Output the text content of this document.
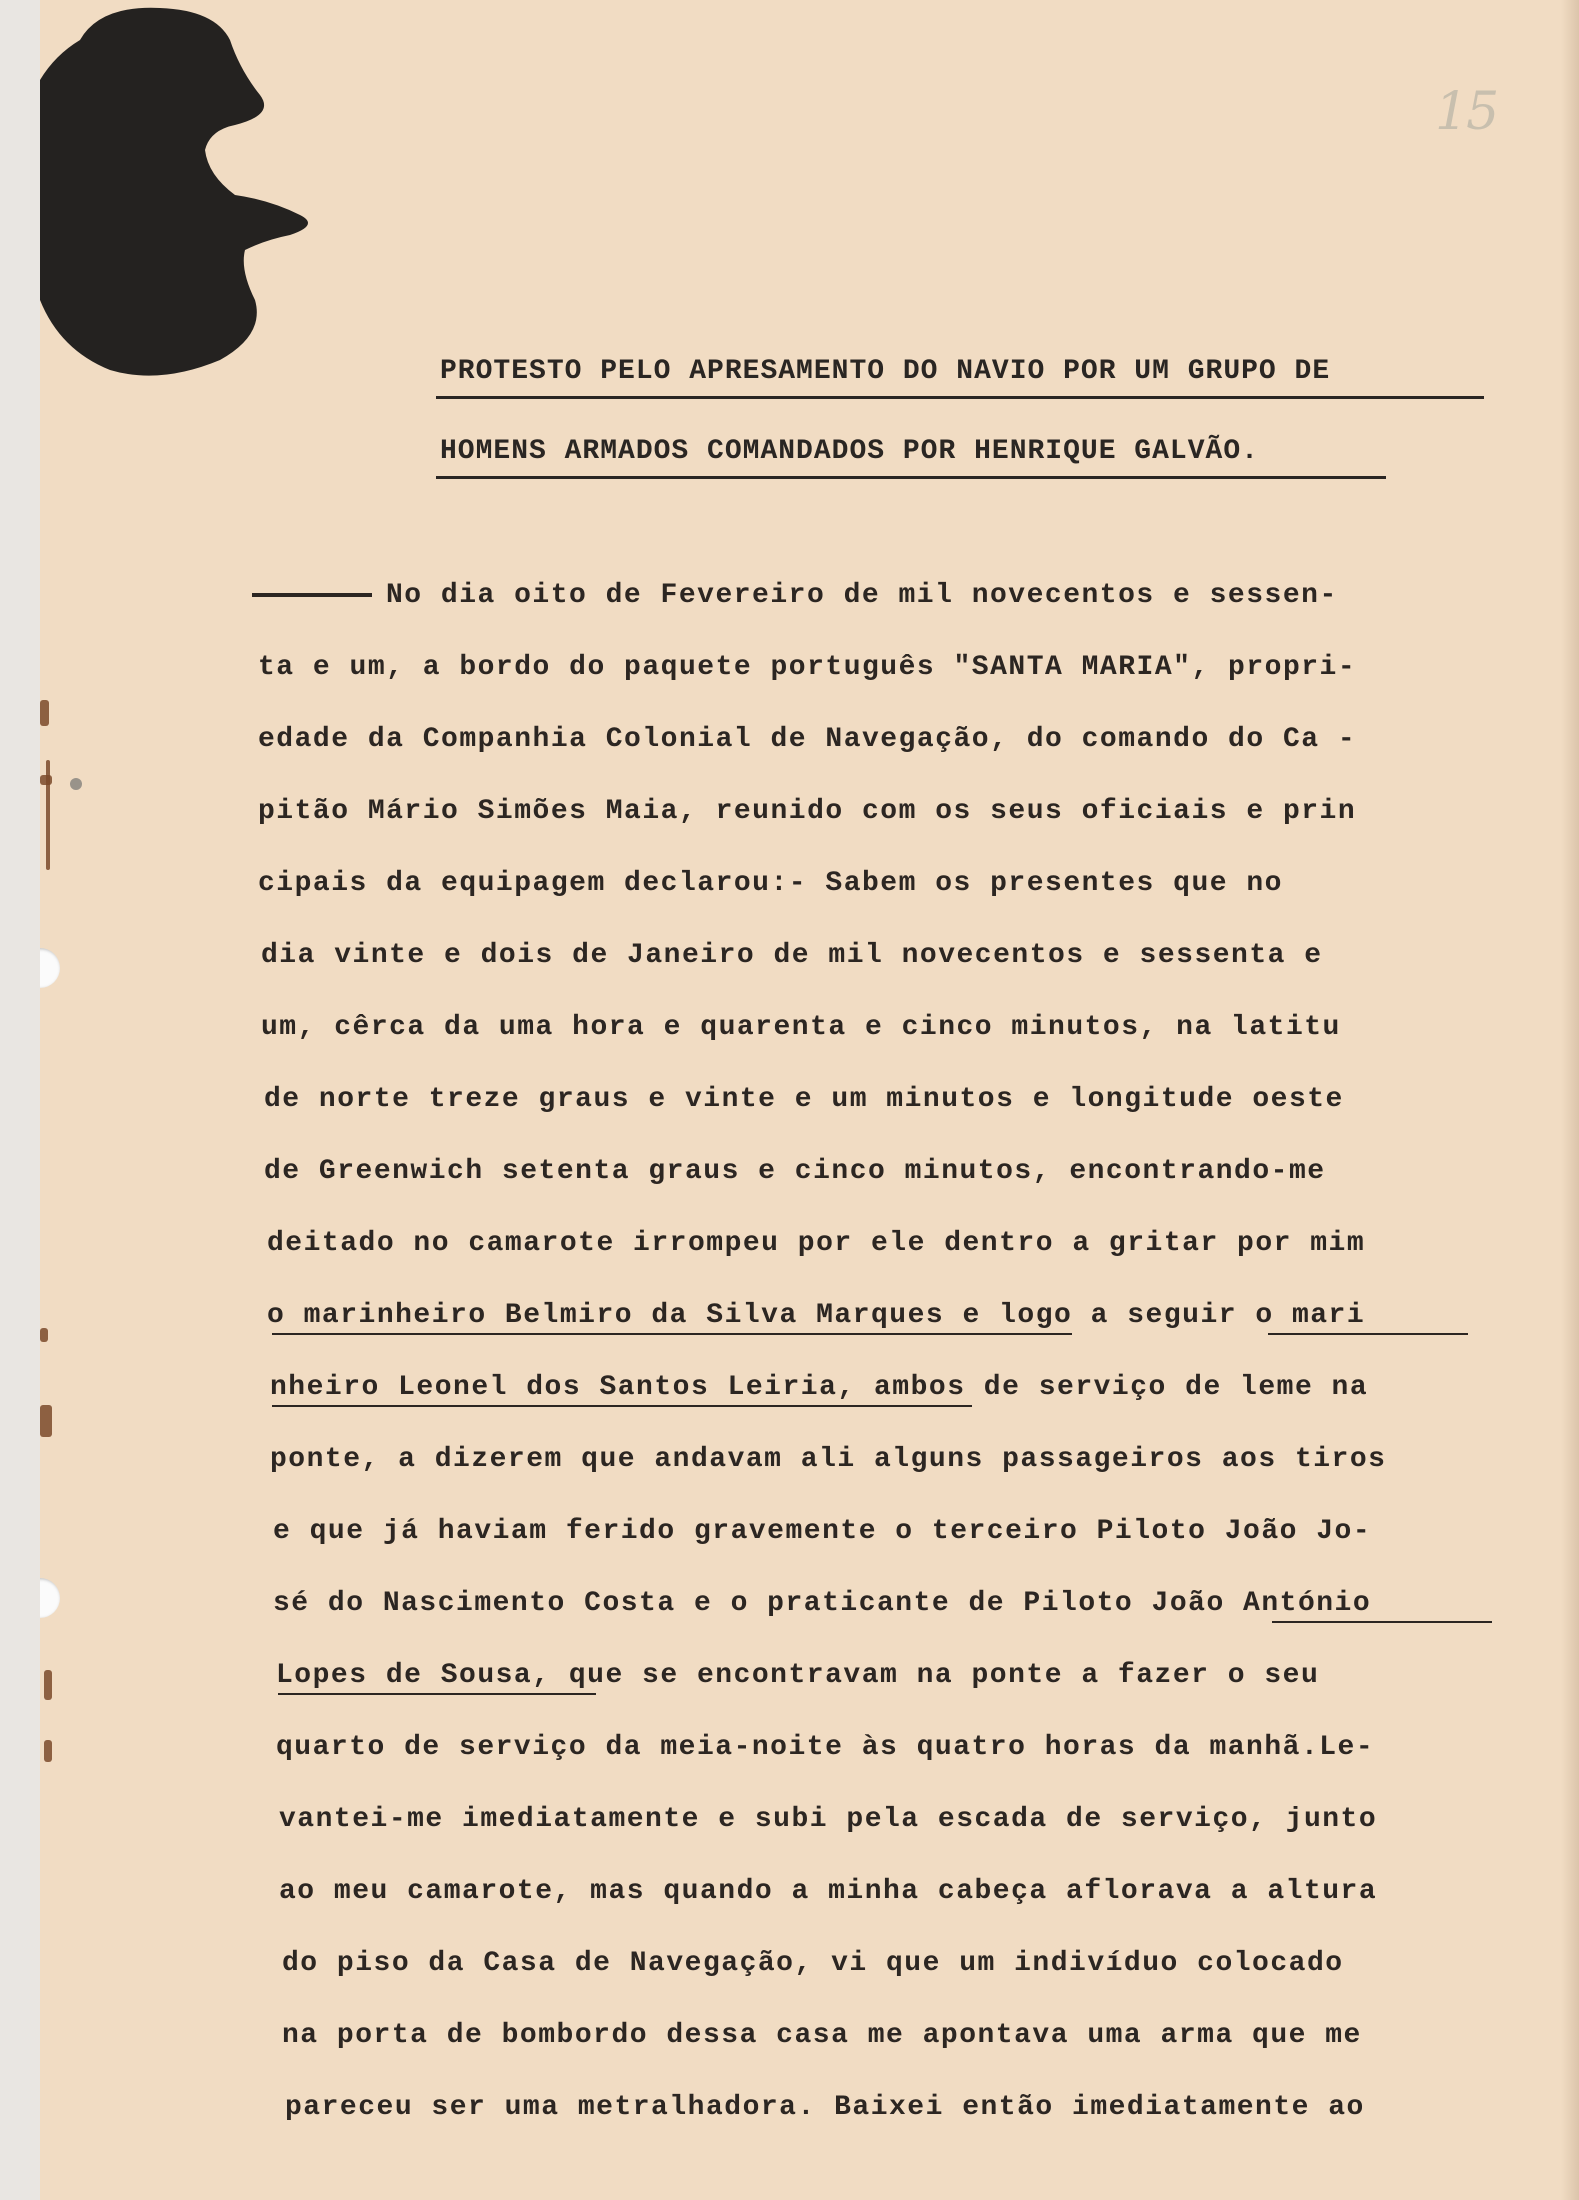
15
PROTESTO PELO APRESAMENTO DO NAVIO POR UM GRUPO DE
HOMENS ARMADOS COMANDADOS POR HENRIQUE GALVÃO.
No dia oito de Fevereiro de mil novecentos e sessen-
ta e um, a bordo do paquete português "SANTA MARIA", propri-
edade da Companhia Colonial de Navegação, do comando do Ca -
pitão Mário Simões Maia, reunido com os seus oficiais e prin
cipais da equipagem declarou:- Sabem os presentes que no
dia vinte e dois de Janeiro de mil novecentos e sessenta e
um, cêrca da uma hora e quarenta e cinco minutos, na latitu
de norte treze graus e vinte e um minutos e longitude oeste
de Greenwich setenta graus e cinco minutos, encontrando-me
deitado no camarote irrompeu por ele dentro a gritar por mim
o marinheiro Belmiro da Silva Marques e logo a seguir o mari
nheiro Leonel dos Santos Leiria, ambos de serviço de leme na
ponte, a dizerem que andavam ali alguns passageiros aos tiros
e que já haviam ferido gravemente o terceiro Piloto João Jo-
sé do Nascimento Costa e o praticante de Piloto João António
Lopes de Sousa, que se encontravam na ponte a fazer o seu
quarto de serviço da meia-noite às quatro horas da manhã.Le-
vantei-me imediatamente e subi pela escada de serviço, junto
ao meu camarote, mas quando a minha cabeça aflorava a altura
do piso da Casa de Navegação, vi que um indivíduo colocado
na porta de bombordo dessa casa me apontava uma arma que me
pareceu ser uma metralhadora. Baixei então imediatamente ao
